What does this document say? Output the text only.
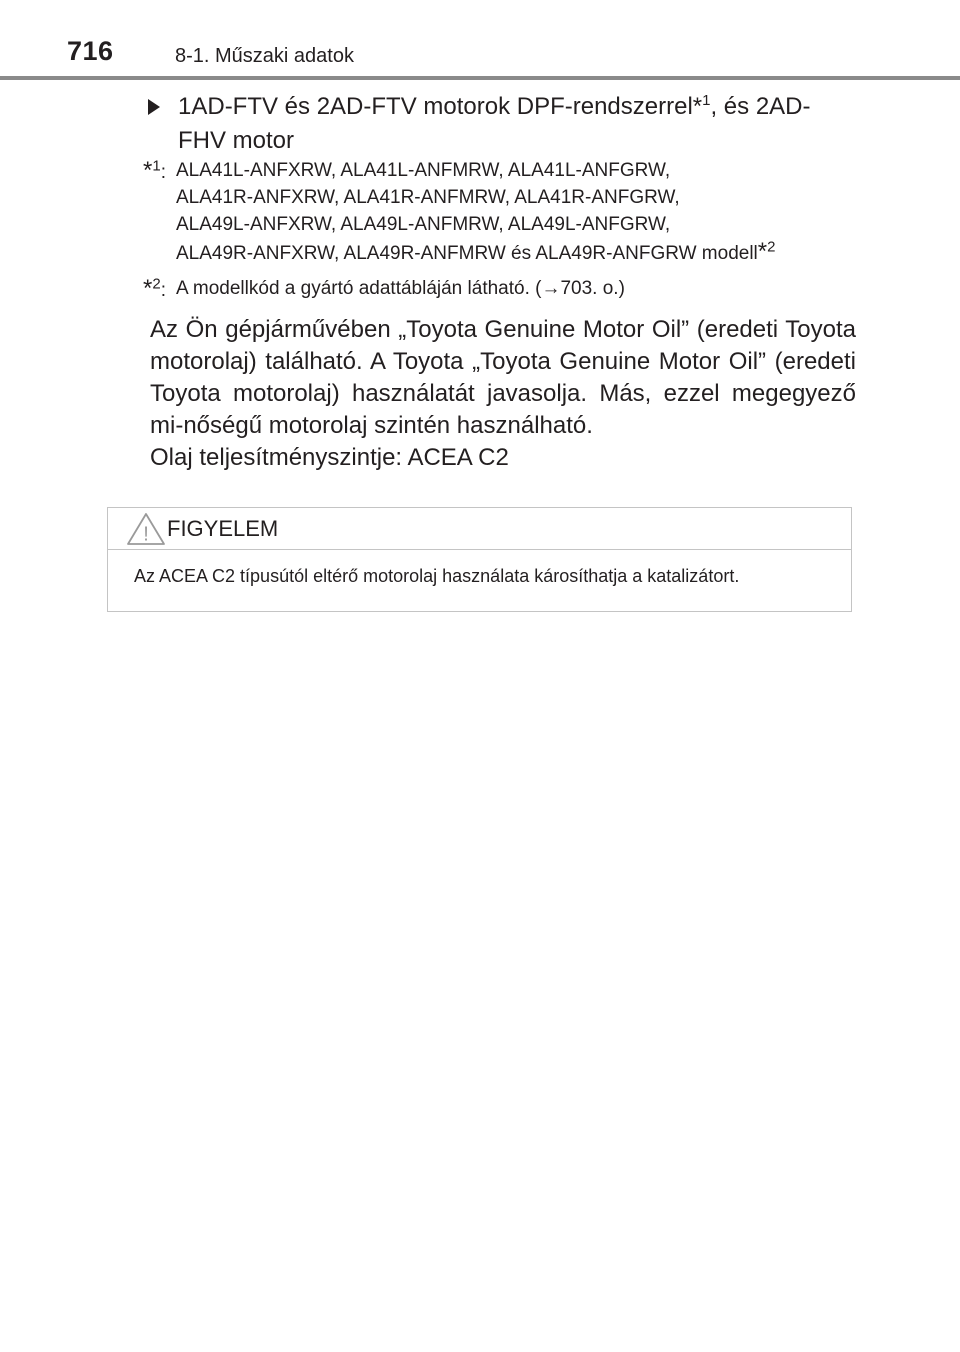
716	8-1. Műszaki adatok
1AD-FTV és 2AD-FTV motorok DPF-rendszerrel*$^1$, és 2AD-FHV motor
*$^1$: ALA41L-ANFXRW, ALA41L-ANFMRW, ALA41L-ANFGRW,
ALA41R-ANFXRW, ALA41R-ANFMRW, ALA41R-ANFGRW,
ALA49L-ANFXRW, ALA49L-ANFMRW, ALA49L-ANFGRW,
ALA49R-ANFXRW, ALA49R-ANFMRW és ALA49R-ANFGRW modell*$^2$
*$^2$: A modellkód a gyártó adattábláján látható. (→703. o.)
Az Ön gépjárművében „Toyota Genuine Motor Oil” (eredeti Toyota motorolaj) található. A Toyota „Toyota Genuine Motor Oil” (eredeti Toyota motorolaj) használatát javasolja. Más, ezzel megegyező mi-nőségű motorolaj szintén használható.
Olaj teljesítményszintje: ACEA C2
! FIGYELEM
Az ACEA C2 típusútól eltérő motorolaj használata károsíthatja a katalizátort.
